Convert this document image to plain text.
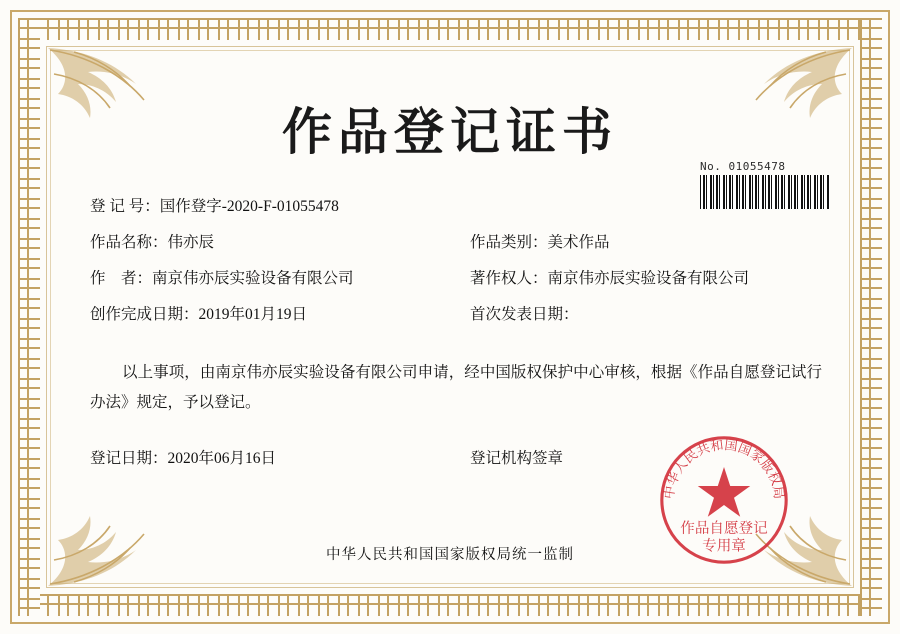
作品登记证书
No. 01055478
登 记 号： 国作登字-2020-F-01055478
作品名称： 伟亦辰	作品类别： 美术作品
作    者： 南京伟亦辰实验设备有限公司	著作权人： 南京伟亦辰实验设备有限公司
创作完成日期： 2019年01月19日	首次发表日期：
以上事项，由南京伟亦辰实验设备有限公司申请，经中国版权保护中心审核，根据《作品自愿登记试行办法》规定，予以登记。
登记日期：2020年06月16日	登记机构签章
中华人民共和国国家版权局统一监制
中华人民共和国国家版权局
作品自愿登记
专用章
